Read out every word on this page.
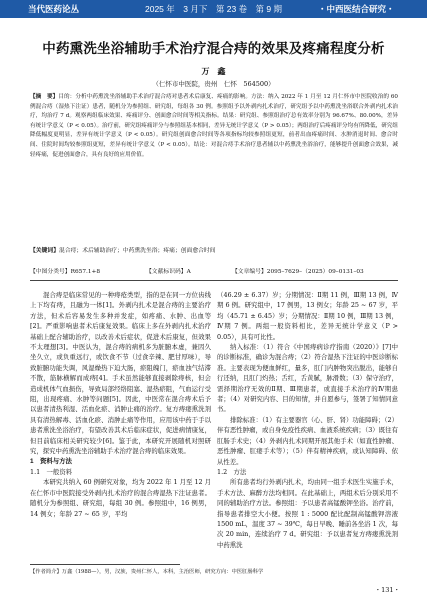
当代医药论丛	2025 年　3 月下　第 23 卷　第 9 期	・中西医结合研究・
中药熏洗坐浴辅助手术治疗混合痔的效果及疼痛程度分析
万　鑫
（仁怀市中医院，贵州　仁怀　564500）
【摘　要】目的：分析中药熏洗坐浴辅助手术治疗混合痔对患者术后康复、疼痛的影响。方法：纳入 2022 年 1 月至 12 月仁怀市中医院收治的 60 例混合痔（湿热下注证）患者，随机分为参照组、研究组，每组各 30 例。参照组予以外剥内扎术治疗，研究组予以中药熏洗坐浴联合外剥内扎术治疗，均治疗 7 d。观察两组临床效果、疼痛评分、创面愈合时间等相关指标。结果：研究组、参照组治疗总有效率分别为 96.67%、80.00%，差异有统计学意义（P < 0.05）。治疗前，研究组疼痛评分与参照组基本相同，差异无统计学意义（P > 0.05）；两组治疗后疼痛评分均有所降低，研究组降低幅度更明显，差异有统计学意义（P < 0.05）。研究组创面愈合时间等各项指标均较参照组更短，前者出血疼痛时间、水肿消退时间、愈合时间、住院时间均较参照组更短，差异有统计学意义（P < 0.05）。结论：对混合痔手术治疗患者辅以中药熏洗坐浴治疗，能够提升创面愈合效果，减轻疼痛，促进创面愈合，具有良好的应用价值。
【关键词】混合痔；术后辅助治疗；中药熏洗坐浴；疼痛；创面愈合时间
【中图分类号】R657.1+8	【文献标识码】A	【文章编号】2095–7629–（2025）09–0131–03

混合痔是临床常见的一种痔疮类型，指的是在同一方位齿线上下均有痔，且融为一体[1]。外剥内扎术是混合痔的主要治疗方法，但术后容易发生多种并发症，如疼痛、水肿、出血等[2]。严重影响患者术后康复效果。临床上多在外剥内扎术治疗基础上配合辅助治疗，以改善术后症状，促进术后康复，但效果不太理想[3]。中医认为，混合痔的病机多为脏腑本虚，兼因久坐久立，或负重远行，或饮食不节（过食辛辣、肥甘厚味），导致脏腑功能失调，风湿燥热下迫大肠，瘀阻魄门，瘀血浊气结滞不散，筋脉横解而成痔[4]。手术虽然能够直接剥除痔核，但会造成机体气血损伤，导致局部经络阻塞、湿热瘀阻，气血运行受阻，出现疼痛、水肿等问题[5]。因此，中医常在混合痔术后予以患者清热利湿、活血化瘀、消肿止痛的治疗。复方痔瘘熏洗剂具有清热解毒、活血化瘀、消肿止痛等作用，应用该中药于手以患者熏洗坐浴治疗，有望改善其术后临床症状，促进病情康复，但目前临床相关研究较少[6]。鉴于此，本研究开展随机对照研究，探究中药熏洗坐浴辅助手术治疗混合痔的临床效果。

1　资料与方法

1.1　一般资料

本研究共纳入 60 例研究对象，均为 2022 年 1 月至 12 月在仁怀市中医院接受外剥内扎术治疗的混合痔湿热下注证患者。随机分为参照组、研究组，每组 30 例。参照组中，16 例男，14 例女；年龄 27 ~ 65 岁，平均

（46.29 ± 6.37）岁；分期情况：Ⅱ期 11 例，Ⅲ期 13 例，Ⅳ期 6 例。研究组中，17 例男，13 例女；年龄 25 ~ 67 岁，平均（45.71 ± 6.45）岁；分期情况：Ⅱ期 10 例，Ⅲ期 13 例，Ⅳ期 7 例。两组一般资料相比，差异无统计学意义（P > 0.05），具有可比性。

纳入标准：（1）符合《中国痔病诊疗指南（2020）》[7]中的诊断标准，确诊为混合痔；（2）符合湿热下注证的中医诊断标准。主要表现为便血鲜红，量多，肛门内肿物突出脱出，能够自行还纳，且肛门灼热；舌红，舌黄腻，脉滑数；（3）保守治疗，需择期治疗无效的Ⅱ期、Ⅲ期患者，或直接手术治疗的Ⅳ期患者；（4）对研究内容、目的知情，并自愿参与，签署了知情同意书。

排除标准：（1）有主要器官（心、肝、肾）功能障碍；（2）伴有恶性肿瘤，或自身免疫性疾病、血液系统疾病；（3）既往有肛肠手术史；（4）外剥内扎术同期开展其他手术（如直性肿瘤、恶性肿瘤、肛瘘手术等）；（5）伴有精神疾病，或认知障碍、依从性差。

1.2　方法

所有患者均行外剥内扎术，均由同一组手术医生实施手术，手术方法、麻醉方法均相同。在此基础上，两组术后分别采用不同的辅助治疗方法。参照组：予以患者高锰酸钾坐浴。治疗前，指导患者排空大小便。按照 1 : 5000 配比配制高锰酸钾溶液 1500 mL，温度 37 ~ 39℃，每日早晚、睡前各坐浴 1 次，每次 20 min，连续治疗 7 d。研究组：予以患者复方痔瘘熏洗剂中药熏洗

【作者简介】万鑫（1988—），男，汉族，贵州仁怀人，本科，主治医师，研究方向：中医肛肠科学
・131・
